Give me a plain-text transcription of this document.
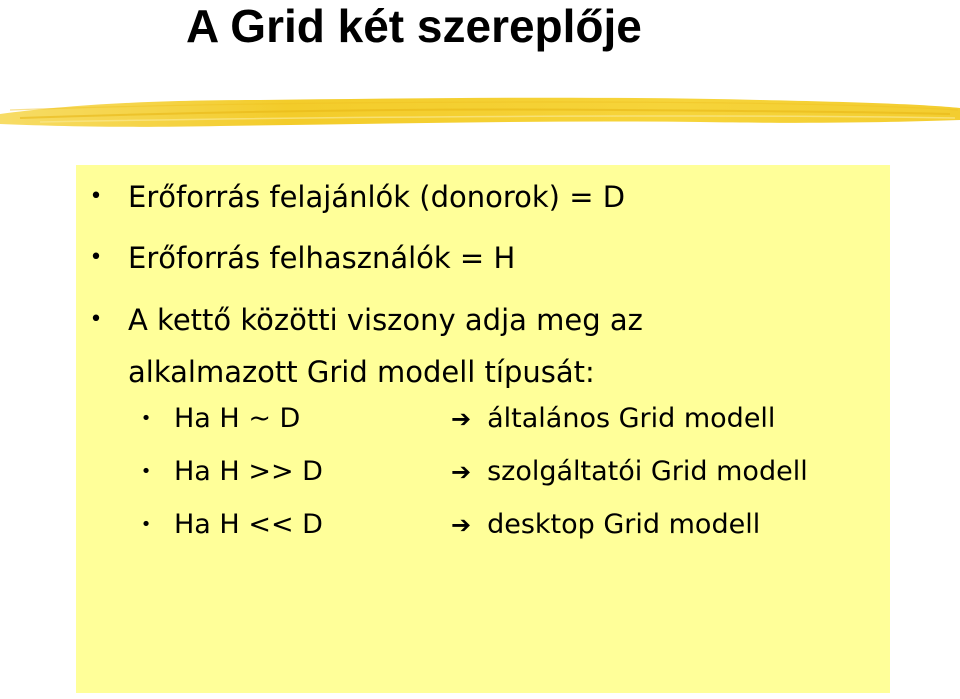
A Grid két szereplője
• Erőforrás felajánlók (donorok) = D
• Erőforrás felhasználók = H
• A kettő közötti viszony adja meg az
alkalmazott Grid modell típusát:
• Ha H ~ D	➔ általános Grid modell
• Ha H >> D	➔ szolgáltatói Grid modell
• Ha H << D	➔ desktop Grid modell
